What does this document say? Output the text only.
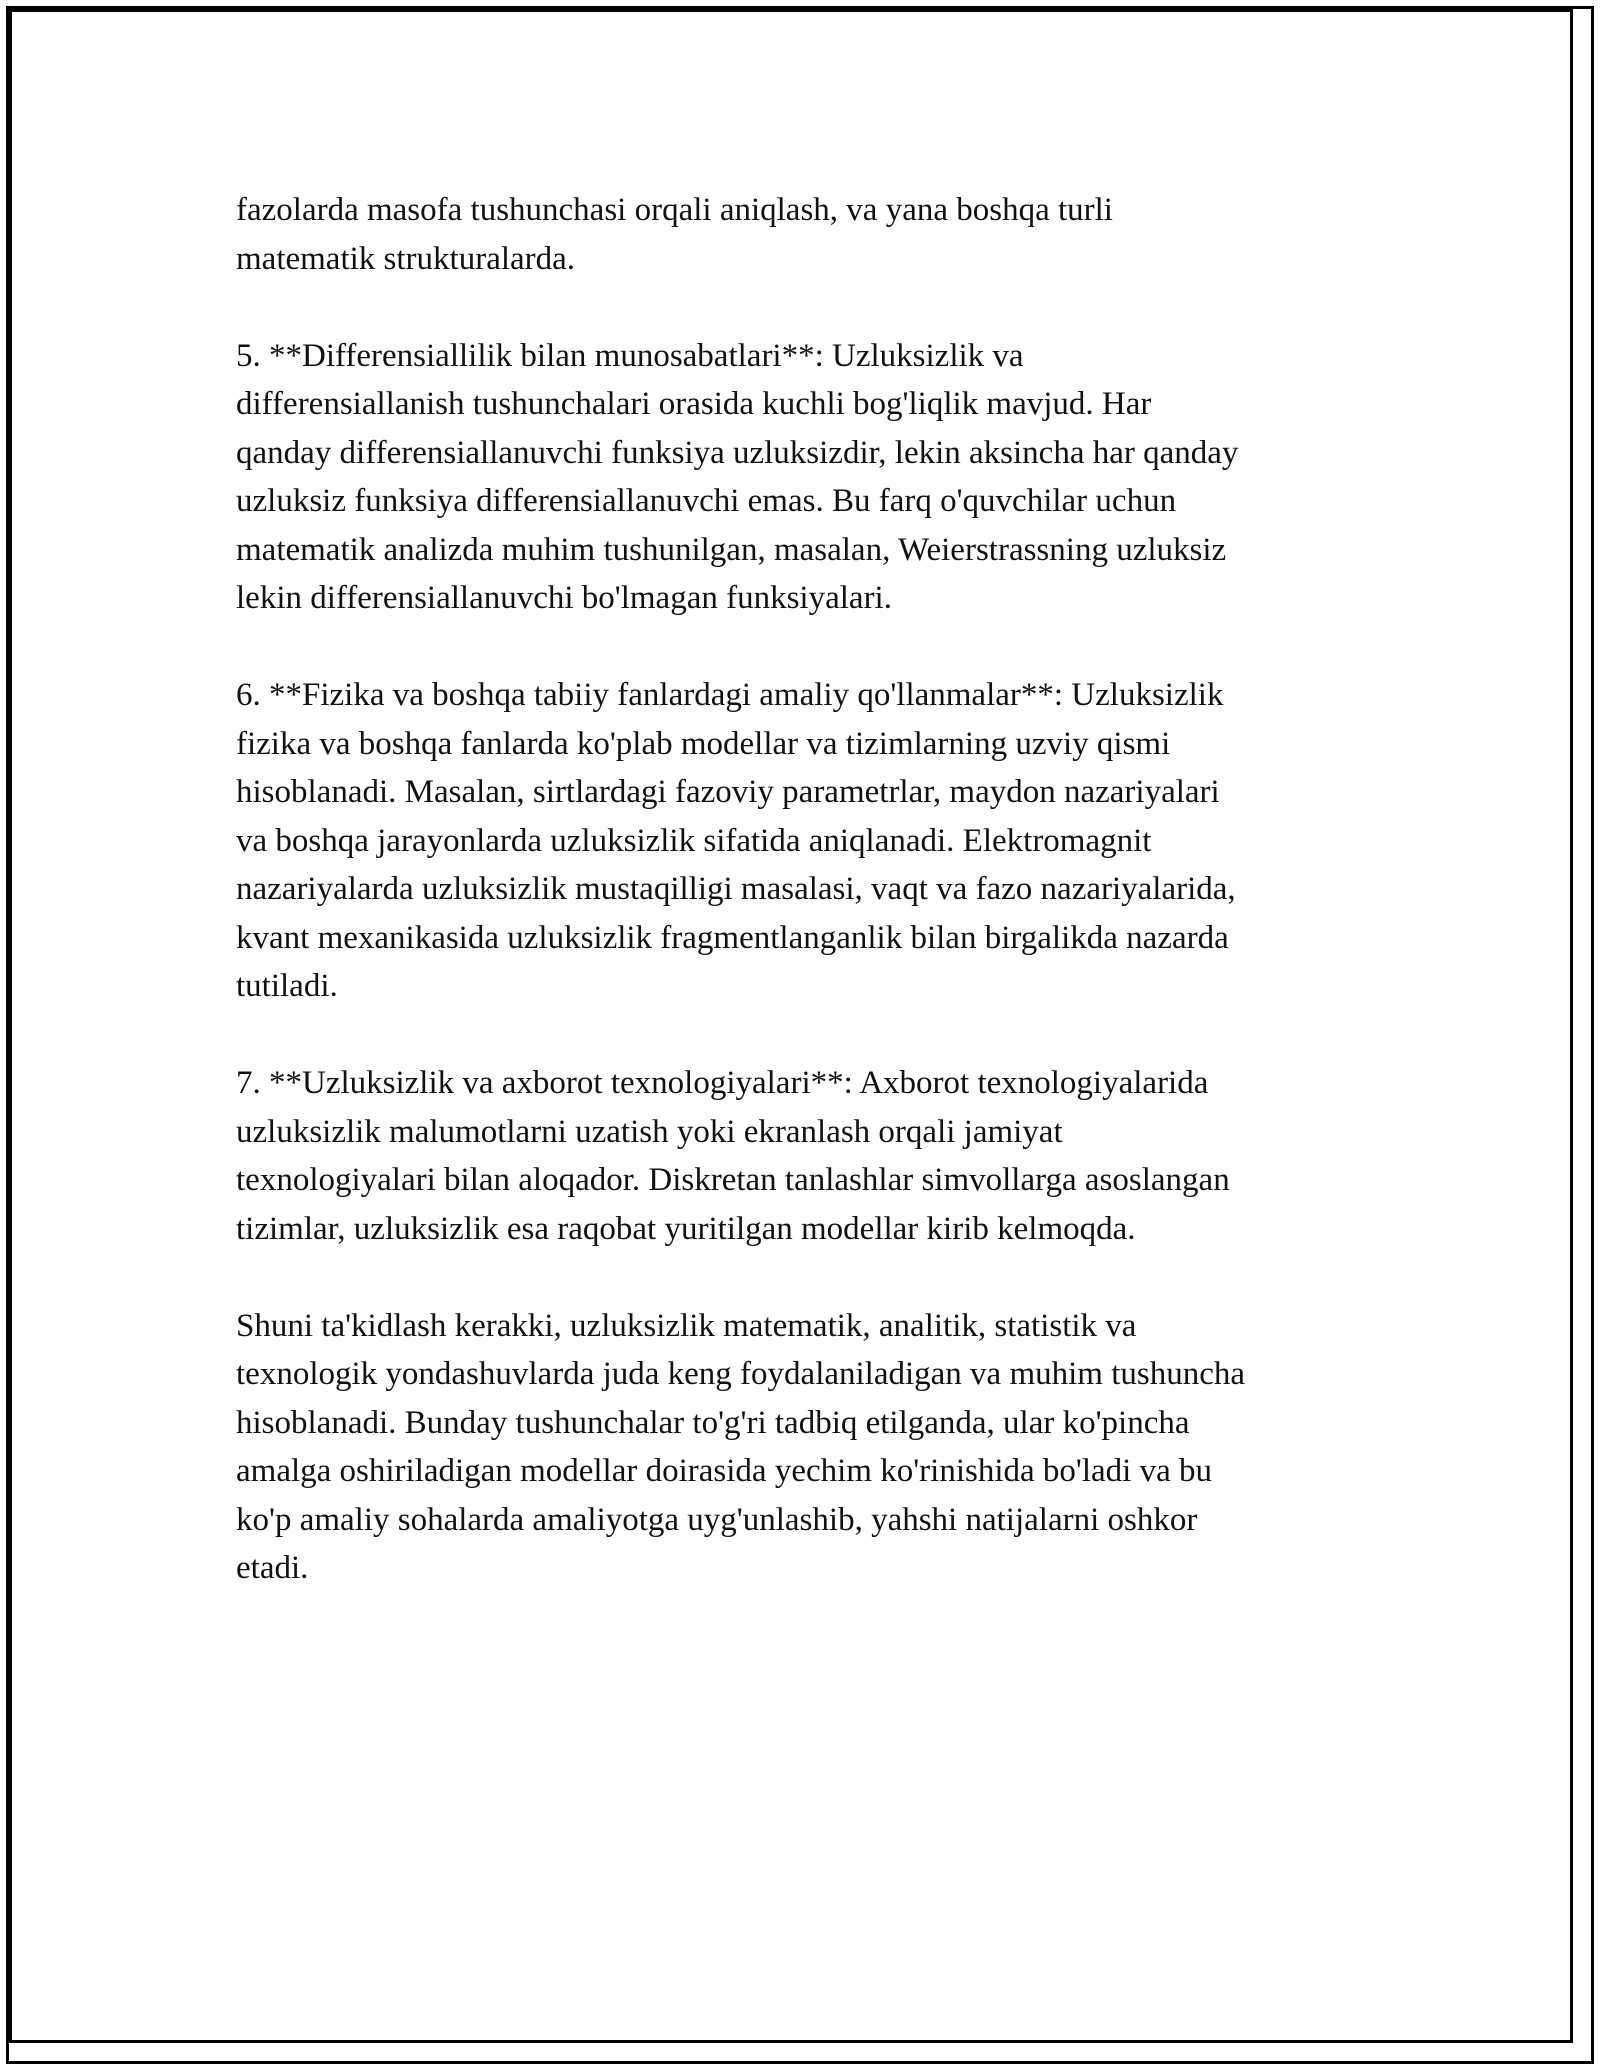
fazolarda masofa tushunchasi orqali aniqlash, va yana boshqa turli
matematik strukturalarda.

5. **Differensiallilik bilan munosabatlari**: Uzluksizlik va
differensiallanish tushunchalari orasida kuchli bog'liqlik mavjud. Har
qanday differensiallanuvchi funksiya uzluksizdir, lekin aksincha har qanday
uzluksiz funksiya differensiallanuvchi emas. Bu farq o'quvchilar uchun
matematik analizda muhim tushunilgan, masalan, Weierstrassning uzluksiz
lekin differensiallanuvchi bo'lmagan funksiyalari.

6. **Fizika va boshqa tabiiy fanlardagi amaliy qo'llanmalar**: Uzluksizlik
fizika va boshqa fanlarda ko'plab modellar va tizimlarning uzviy qismi
hisoblanadi. Masalan, sirtlardagi fazoviy parametrlar, maydon nazariyalari
va boshqa jarayonlarda uzluksizlik sifatida aniqlanadi. Elektromagnit
nazariyalarda uzluksizlik mustaqilligi masalasi, vaqt va fazo nazariyalarida,
kvant mexanikasida uzluksizlik fragmentlanganlik bilan birgalikda nazarda
tutiladi.

7. **Uzluksizlik va axborot texnologiyalari**: Axborot texnologiyalarida
uzluksizlik malumotlarni uzatish yoki ekranlash orqali jamiyat
texnologiyalari bilan aloqador. Diskretan tanlashlar simvollarga asoslangan
tizimlar, uzluksizlik esa raqobat yuritilgan modellar kirib kelmoqda.

Shuni ta'kidlash kerakki, uzluksizlik matematik, analitik, statistik va
texnologik yondashuvlarda juda keng foydalaniladigan va muhim tushuncha
hisoblanadi. Bunday tushunchalar to'g'ri tadbiq etilganda, ular ko'pincha
amalga oshiriladigan modellar doirasida yechim ko'rinishida bo'ladi va bu
ko'p amaliy sohalarda amaliyotga uyg'unlashib, yahshi natijalarni oshkor
etadi.
